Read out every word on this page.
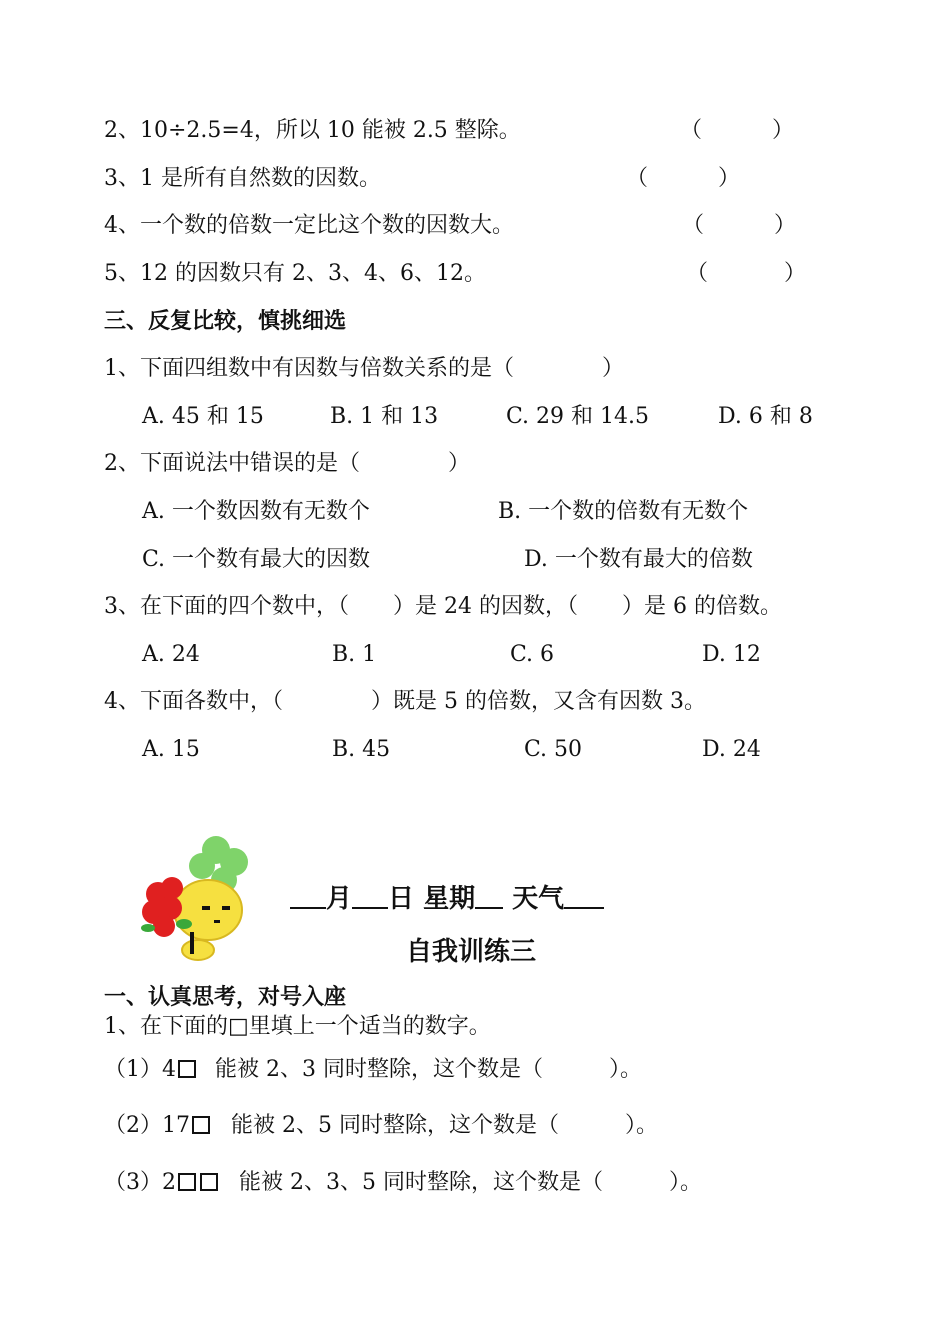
2、10÷2.5=4，所以 10 能被 2.5 整除。	（	）
3、1 是所有自然数的因数。	（	）
4、一个数的倍数一定比这个数的因数大。	（	）
5、12 的因数只有 2、3、4、6、12。	（	）
三、反复比较，慎挑细选
1、下面四组数中有因数与倍数关系的是（　　　　）
A. 45 和 15	B. 1 和 13	C. 29 和 14.5	D. 6 和 8
2、下面说法中错误的是（　　　　）
A. 一个数因数有无数个	B. 一个数的倍数有无数个
C. 一个数有最大的因数	D. 一个数有最大的倍数
3、在下面的四个数中，（　　）是 24 的因数，（　　）是 6 的倍数。
A. 24	B. 1	C. 6	D. 12
4、下面各数中，（　　　　）既是 5 的倍数，又含有因数 3。
A. 15	B. 45	C. 50	D. 24
月 日 星期 天气
自我训练三
一、认真思考，对号入座
1、在下面的□里填上一个适当的数字。
（1）4 能被 2、3 同时整除，这个数是（　　　）。
（2）17 能被 2、5 同时整除，这个数是（　　　）。
（3）2	能被 2、3、5 同时整除，这个数是（　　　）。
